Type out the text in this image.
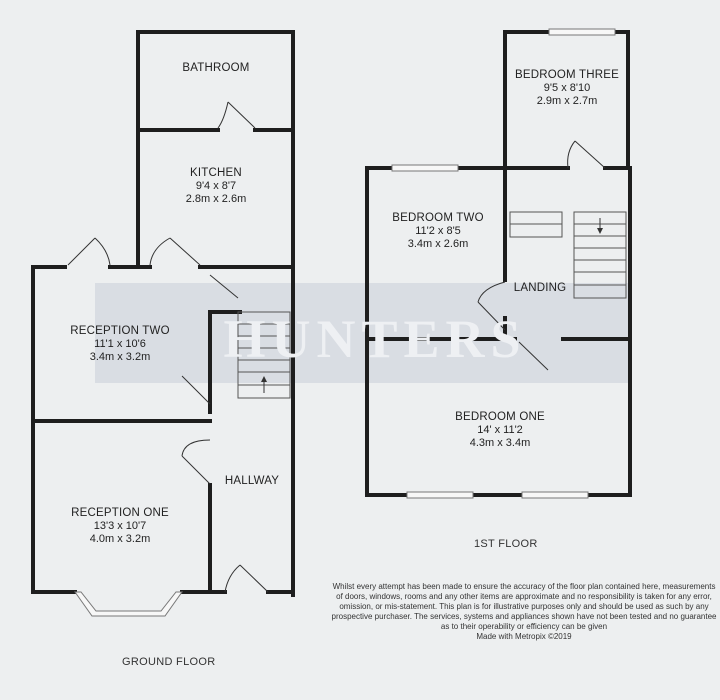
HUNTERS
BATHROOM
KITCHEN
9'4 x 8'7
2.8m x 2.6m
RECEPTION TWO
11'1 x 10'6
3.4m x 3.2m
RECEPTION ONE
13'3 x 10'7
4.0m x 3.2m
HALLWAY
BEDROOM THREE
9'5 x 8'10
2.9m x 2.7m
BEDROOM TWO
11'2 x 8'5
3.4m x 2.6m
LANDING
BEDROOM ONE
14' x 11'2
4.3m x 3.4m
GROUND FLOOR
1ST FLOOR
Whilst every attempt has been made to ensure the accuracy of the floor plan contained here, measurements of doors, windows, rooms and any other items are approximate and no responsibility is taken for any error, omission, or mis-statement. This plan is for illustrative purposes only and should be used as such by any prospective purchaser. The services, systems and appliances shown have not been tested and no guarantee as to their operability or efficiency can be given
Made with Metropix ©2019
